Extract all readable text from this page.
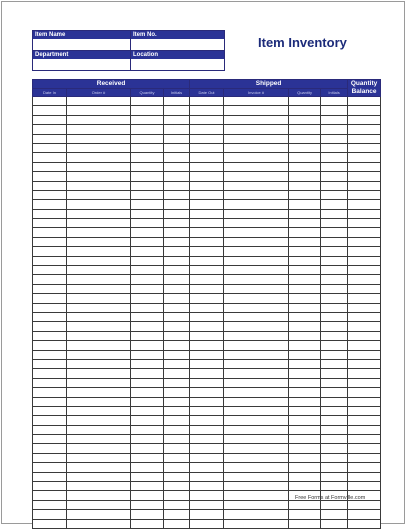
Item Name	Item No.

Department	Location
Item Inventory
Received				Shipped				Quantity
Balance
Date In	Order #	Quantity	Initials	Date Out	Invoice #	Quantity	Initials	

Free Forms at Formville.com
